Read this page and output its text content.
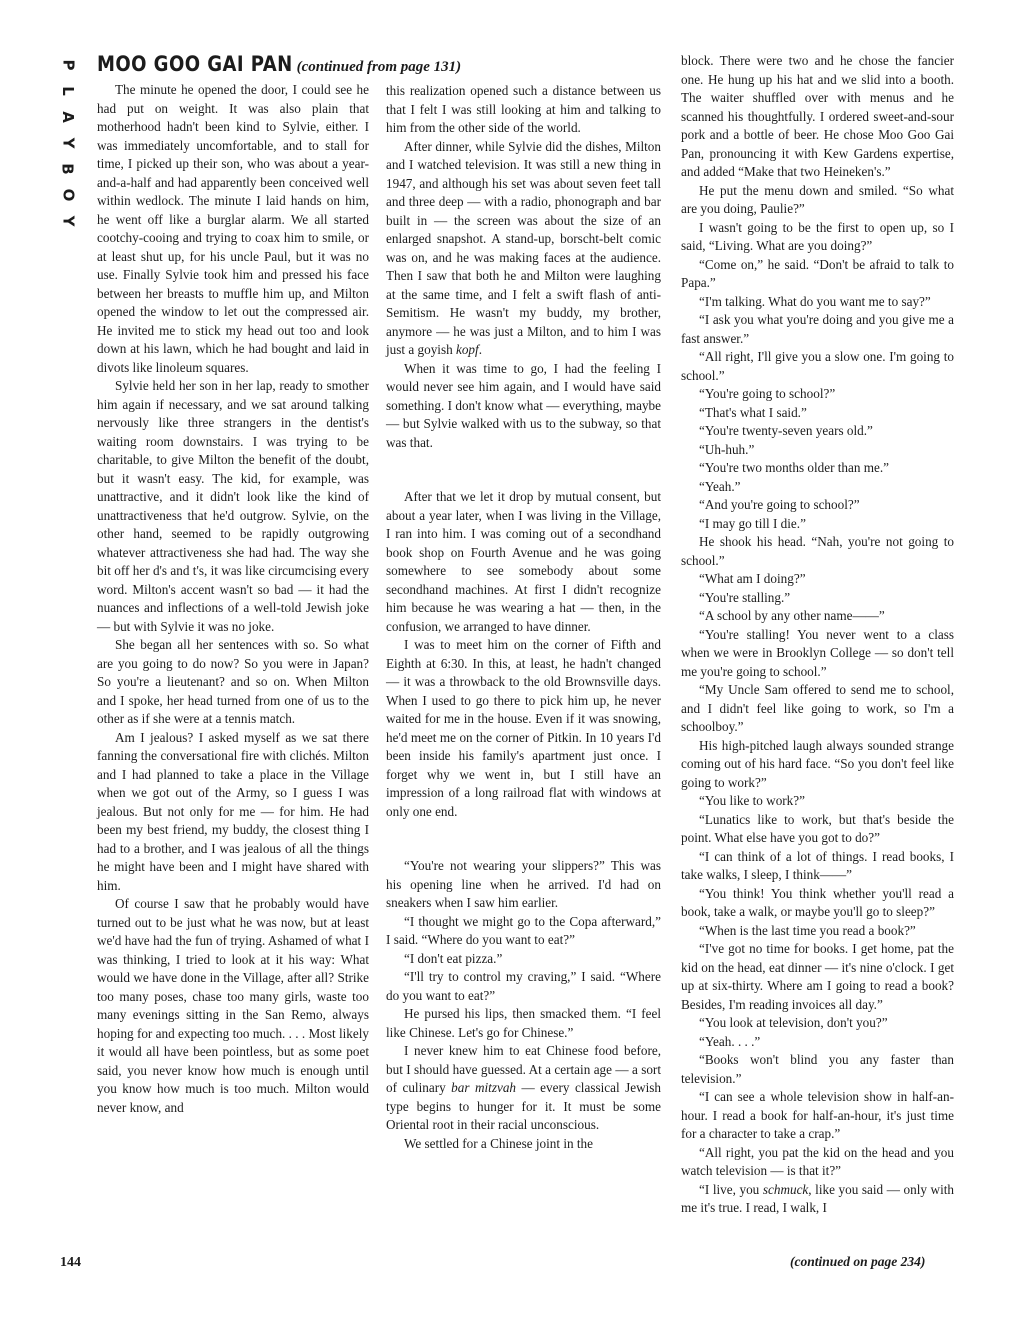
P
L
A
Y
B
O
Y
MOO GOO GAI PAN (continued from page 131)

The minute he opened the door, I could see he had put on weight. It was also plain that motherhood hadn't been kind to Sylvie, either. I was immediately uncomfortable, and to stall for time, I picked up their son, who was about a year-and-a-half and had apparently been conceived well within wedlock. The minute I laid hands on him, he went off like a burglar alarm. We all started cootchy-cooing and trying to coax him to smile, or at least shut up, for his uncle Paul, but it was no use. Finally Sylvie took him and pressed his face between her breasts to muffle him up, and Milton opened the window to let out the compressed air. He invited me to stick my head out too and look down at his lawn, which he had bought and laid in divots like linoleum squares.

Sylvie held her son in her lap, ready to smother him again if necessary, and we sat around talking nervously like three strangers in the dentist's waiting room downstairs. I was trying to be charitable, to give Milton the benefit of the doubt, but it wasn't easy. The kid, for example, was unattractive, and it didn't look like the kind of unattractiveness that he'd outgrow. Sylvie, on the other hand, seemed to be rapidly outgrowing whatever attractiveness she had had. The way she bit off her d's and t's, it was like circumcising every word. Milton's accent wasn't so bad — it had the nuances and inflections of a well-told Jewish joke — but with Sylvie it was no joke.

She began all her sentences with so. So what are you going to do now? So you were in Japan? So you're a lieutenant? and so on. When Milton and I spoke, her head turned from one of us to the other as if she were at a tennis match.

Am I jealous? I asked myself as we sat there fanning the conversational fire with clichés. Milton and I had planned to take a place in the Village when we got out of the Army, so I guess I was jealous. But not only for me — for him. He had been my best friend, my buddy, the closest thing I had to a brother, and I was jealous of all the things he might have been and I might have shared with him.

Of course I saw that he probably would have turned out to be just what he was now, but at least we'd have had the fun of trying. Ashamed of what I was thinking, I tried to look at it his way: What would we have done in the Village, after all? Strike too many poses, chase too many girls, waste too many evenings sitting in the San Remo, always hoping for and expecting too much. . . . Most likely it would all have been pointless, but as some poet said, you never know how much is enough until you know how much is too much. Milton would never know, and

this realization opened such a distance between us that I felt I was still looking at him and talking to him from the other side of the world.

After dinner, while Sylvie did the dishes, Milton and I watched television. It was still a new thing in 1947, and although his set was about seven feet tall and three deep — with a radio, phonograph and bar built in — the screen was about the size of an enlarged snapshot. A stand-up, borscht-belt comic was on, and he was making faces at the audience. Then I saw that both he and Milton were laughing at the same time, and I felt a swift flash of anti-Semitism. He wasn't my buddy, my brother, anymore — he was just a Milton, and to him I was just a goyish kopf.

When it was time to go, I had the feeling I would never see him again, and I would have said something. I don't know what — everything, maybe — but Sylvie walked with us to the subway, so that was that.

After that we let it drop by mutual consent, but about a year later, when I was living in the Village, I ran into him. I was coming out of a secondhand book shop on Fourth Avenue and he was going somewhere to see somebody about some secondhand machines. At first I didn't recognize him because he was wearing a hat — then, in the confusion, we arranged to have dinner.

I was to meet him on the corner of Fifth and Eighth at 6:30. In this, at least, he hadn't changed — it was a throwback to the old Brownsville days. When I used to go there to pick him up, he never waited for me in the house. Even if it was snowing, he'd meet me on the corner of Pitkin. In 10 years I'd been inside his family's apartment just once. I forget why we went in, but I still have an impression of a long railroad flat with windows at only one end.

“You're not wearing your slippers?” This was his opening line when he arrived. I'd had on sneakers when I saw him earlier.

“I thought we might go to the Copa afterward,” I said. “Where do you want to eat?”

“I don't eat pizza.”

“I'll try to control my craving,” I said. “Where do you want to eat?”

He pursed his lips, then smacked them. “I feel like Chinese. Let's go for Chinese.”

I never knew him to eat Chinese food before, but I should have guessed. At a certain age — a sort of culinary bar mitzvah — every classical Jewish type begins to hunger for it. It must be some Oriental root in their racial unconscious.

We settled for a Chinese joint in the

block. There were two and he chose the fancier one. He hung up his hat and we slid into a booth. The waiter shuffled over with menus and he scanned his thoughtfully. I ordered sweet-and-sour pork and a bottle of beer. He chose Moo Goo Gai Pan, pronouncing it with Kew Gardens expertise, and added “Make that two Heineken's.”

He put the menu down and smiled. “So what are you doing, Paulie?”

I wasn't going to be the first to open up, so I said, “Living. What are you doing?”

“Come on,” he said. “Don't be afraid to talk to Papa.”

“I'm talking. What do you want me to say?”

“I ask you what you're doing and you give me a fast answer.”

“All right, I'll give you a slow one. I'm going to school.”

“You're going to school?”

“That's what I said.”

“You're twenty-seven years old.”

“Uh-huh.”

“You're two months older than me.”

“Yeah.”

“And you're going to school?”

“I may go till I die.”

He shook his head. “Nah, you're not going to school.”

“What am I doing?”

“You're stalling.”

“A school by any other name——”

“You're stalling! You never went to a class when we were in Brooklyn College — so don't tell me you're going to school.”

“My Uncle Sam offered to send me to school, and I didn't feel like going to work, so I'm a schoolboy.”

His high-pitched laugh always sounded strange coming out of his hard face. “So you don't feel like going to work?”

“You like to work?”

“Lunatics like to work, but that's beside the point. What else have you got to do?”

“I can think of a lot of things. I read books, I take walks, I sleep, I think——”

“You think! You think whether you'll read a book, take a walk, or maybe you'll go to sleep?”

“When is the last time you read a book?”

“I've got no time for books. I get home, pat the kid on the head, eat dinner — it's nine o'clock. I get up at six-thirty. Where am I going to read a book? Besides, I'm reading invoices all day.”

“You look at television, don't you?”

“Yeah. . . .”

“Books won't blind you any faster than television.”

“I can see a whole television show in half-an-hour. I read a book for half-an-hour, it's just time for a character to take a crap.”

“All right, you pat the kid on the head and you watch television — is that it?”

“I live, you schmuck, like you said — only with me it's true. I read, I walk, I

144	(continued on page 234)
